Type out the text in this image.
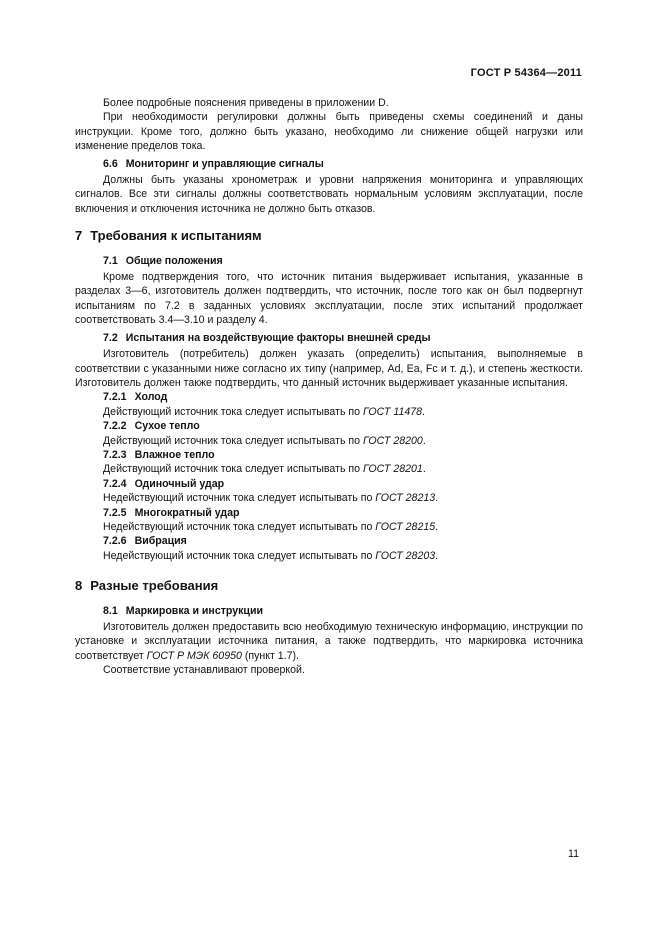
ГОСТ Р 54364—2011

Более подробные пояснения приведены в приложении D.

При необходимости регулировки должны быть приведены схемы соединений и даны инструкции. Кроме того, должно быть указано, необходимо ли снижение общей нагрузки или изменение пределов тока.

6.6 Мониторинг и управляющие сигналы

Должны быть указаны хронометраж и уровни напряжения мониторинга и управляющих сигналов. Все эти сигналы должны соответствовать нормальным условиям эксплуатации, после включения и отключения источника не должно быть отказов.

7 Требования к испытаниям
7.1 Общие положения

Кроме подтверждения того, что источник питания выдерживает испытания, указанные в разделах 3—6, изготовитель должен подтвердить, что источник, после того как он был подвергнут испытаниям по 7.2 в заданных условиях эксплуатации, после этих испытаний продолжает соответствовать 3.4—3.10 и разделу 4.

7.2 Испытания на воздействующие факторы внешней среды

Изготовитель (потребитель) должен указать (определить) испытания, выполняемые в соответствии с указанными ниже согласно их типу (например, Ad, Ea, Fc и т. д.), и степень жесткости. Изготовитель должен также подтвердить, что данный источник выдерживает указанные испытания.

7.2.1 Холод

Действующий источник тока следует испытывать по ГОСТ 11478.

7.2.2 Сухое тепло

Действующий источник тока следует испытывать по ГОСТ 28200.

7.2.3 Влажное тепло

Действующий источник тока следует испытывать по ГОСТ 28201.

7.2.4 Одиночный удар

Недействующий источник тока следует испытывать по ГОСТ 28213.

7.2.5 Многократный удар

Недействующий источник тока следует испытывать по ГОСТ 28215.

7.2.6 Вибрация

Недействующий источник тока следует испытывать по ГОСТ 28203.

8 Разные требования
8.1 Маркировка и инструкции

Изготовитель должен предоставить всю необходимую техническую информацию, инструкции по установке и эксплуатации источника питания, а также подтвердить, что маркировка источника соответствует ГОСТ Р МЭК 60950 (пункт 1.7).

Соответствие устанавливают проверкой.

11
